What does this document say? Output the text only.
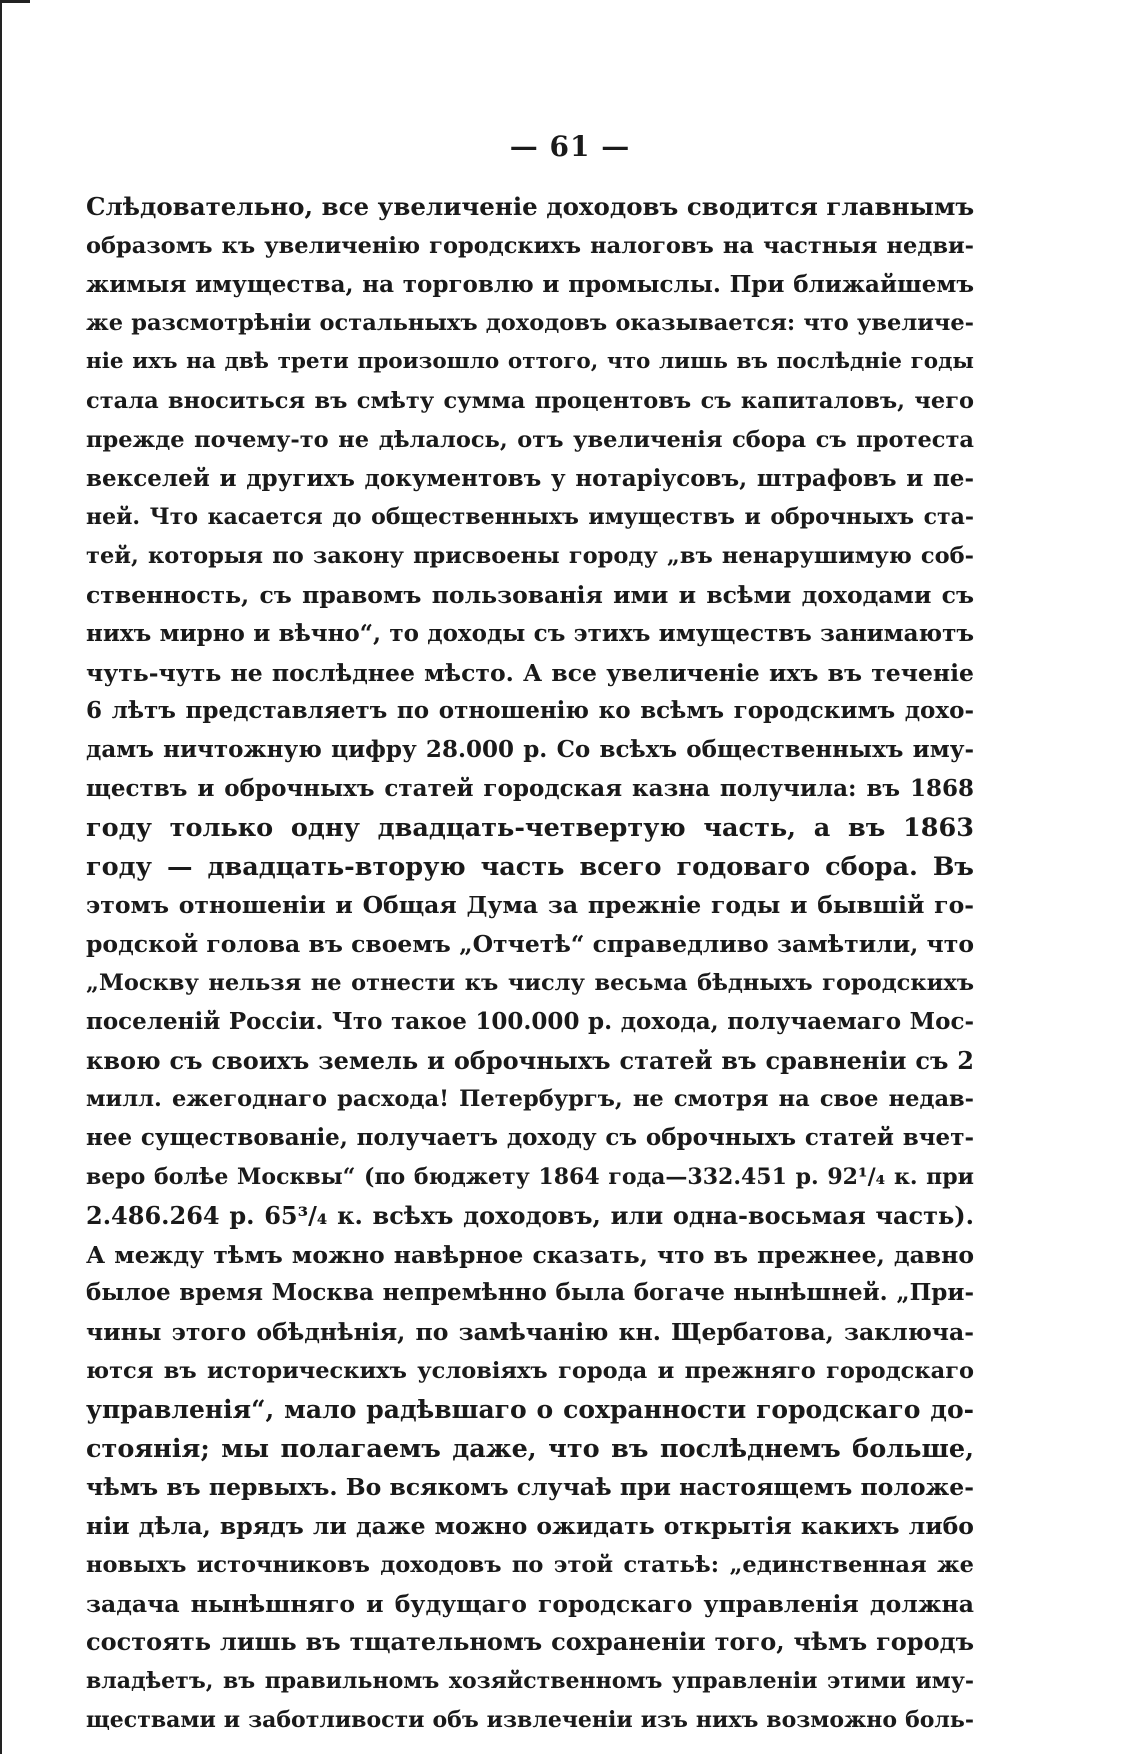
— 61 —
Слѣдовательно, все увеличеніе доходовъ сводится главнымъ
образомъ къ увеличенію городскихъ налоговъ на частныя недви-
жимыя имущества, на торговлю и промыслы. При ближайшемъ
же разсмотрѣніи остальныхъ доходовъ оказывается: что увеличе-
ніе ихъ на двѣ трети произошло оттого, что лишь въ послѣдніе годы
стала вноситься въ смѣту сумма процентовъ съ капиталовъ, чего
прежде почему-то не дѣлалось, отъ увеличенія сбора съ протеста
векселей и другихъ документовъ у нотаріусовъ, штрафовъ и пе-
ней. Что касается до общественныхъ имуществъ и оброчныхъ ста-
тей, которыя по закону присвоены городу „въ ненарушимую соб-
ственность, съ правомъ пользованія ими и всѣми доходами съ
нихъ мирно и вѣчно“, то доходы съ этихъ имуществъ занимаютъ
чуть-чуть не послѣднее мѣсто. А все увеличеніе ихъ въ теченіе
6 лѣтъ представляетъ по отношенію ко всѣмъ городскимъ дохо-
дамъ ничтожную цифру 28.000 р. Со всѣхъ общественныхъ иму-
ществъ и оброчныхъ статей городская казна получила: въ 1868
году только одну двадцать-четвертую часть, а въ 1863
году — двадцать-вторую часть всего годоваго сбора. Въ
этомъ отношеніи и Общая Дума за прежніе годы и бывшій го-
родской голова въ своемъ „Отчетѣ“ справедливо замѣтили, что
„Москву нельзя не отнести къ числу весьма бѣдныхъ городскихъ
поселеній Россіи. Что такое 100.000 р. дохода, получаемаго Мос-
квою съ своихъ земель и оброчныхъ статей въ сравненіи съ 2
милл. ежегоднаго расхода! Петербургъ, не смотря на свое недав-
нее существованіе, получаетъ доходу съ оброчныхъ статей вчет-
веро болѣе Москвы“ (по бюджету 1864 года—332.451 р. 92¹/₄ к. при
2.486.264 р. 65³/₄ к. всѣхъ доходовъ, или одна-восьмая часть).
А между тѣмъ можно навѣрное сказать, что въ прежнее, давно
былое время Москва непремѣнно была богаче нынѣшней. „При-
чины этого обѣднѣнія, по замѣчанію кн. Щербатова, заключа-
ются въ историческихъ условіяхъ города и прежняго городскаго
управленія“, мало радѣвшаго о сохранности городскаго до-
стоянія; мы полагаемъ даже, что въ послѣднемъ больше,
чѣмъ въ первыхъ. Во всякомъ случаѣ при настоящемъ положе-
ніи дѣла, врядъ ли даже можно ожидать открытія какихъ либо
новыхъ источниковъ доходовъ по этой статьѣ: „единственная же
задача нынѣшняго и будущаго городскаго управленія должна
состоять лишь въ тщательномъ сохраненіи того, чѣмъ городъ
владѣетъ, въ правильномъ хозяйственномъ управленіи этими иму-
ществами и заботливости объ извлеченіи изъ нихъ возможно боль-
